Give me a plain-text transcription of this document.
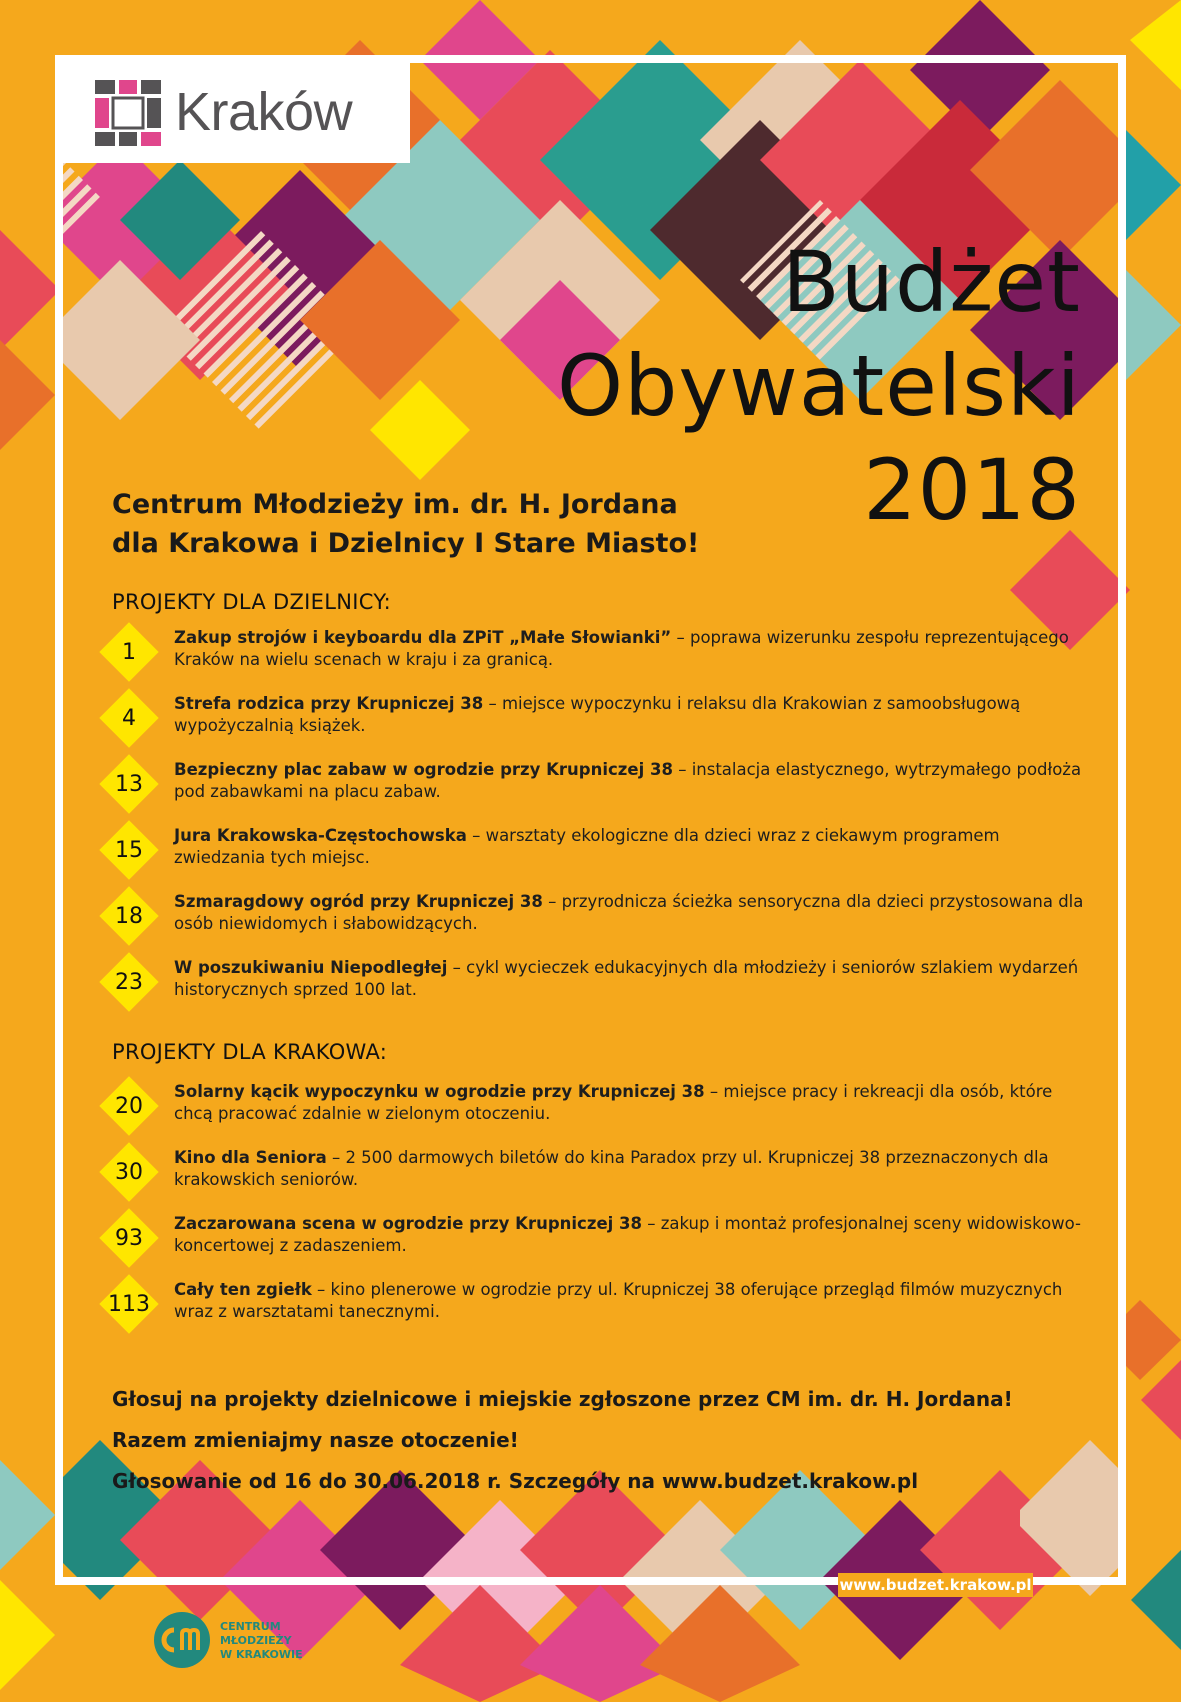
Kraków
Budżet
Obywatelski
2018
Centrum Młodzieży im. dr. H. Jordana
dla Krakowa i Dzielnicy I Stare Miasto!
PROJEKTY DLA DZIELNICY:
1
Zakup strojów i keyboardu dla ZPiT „Małe Słowianki” – poprawa wizerunku zespołu reprezentującego Kraków na wielu scenach w kraju i za granicą.
4
Strefa rodzica przy Krupniczej 38 – miejsce wypoczynku i relaksu dla Krakowian z samoobsługową wypożyczalnią książek.
13
Bezpieczny plac zabaw w ogrodzie przy Krupniczej 38 – instalacja elastycznego, wytrzymałego podłoża pod zabawkami na placu zabaw.
15
Jura Krakowska-Częstochowska – warsztaty ekologiczne dla dzieci wraz z ciekawym programem zwiedzania tych miejsc.
18
Szmaragdowy ogród przy Krupniczej 38 – przyrodnicza ścieżka sensoryczna dla dzieci przystosowana dla osób niewidomych i słabowidzących.
23
W poszukiwaniu Niepodległej – cykl wycieczek edukacyjnych dla młodzieży i seniorów szlakiem wydarzeń historycznych sprzed 100 lat.
PROJEKTY DLA KRAKOWA:
20
Solarny kącik wypoczynku w ogrodzie przy Krupniczej 38 – miejsce pracy i rekreacji dla osób, które chcą pracować zdalnie w zielonym otoczeniu.
30
Kino dla Seniora – 2 500 darmowych biletów do kina Paradox przy ul. Krupniczej 38 przeznaczonych dla krakowskich seniorów.
93
Zaczarowana scena w ogrodzie przy Krupniczej 38 – zakup i montaż profesjonalnej sceny widowiskowo-koncertowej z zadaszeniem.
113
Cały ten zgiełk – kino plenerowe w ogrodzie przy ul. Krupniczej 38 oferujące przegląd filmów muzycznych wraz z warsztatami tanecznymi.
Głosuj na projekty dzielnicowe i miejskie zgłoszone przez CM im. dr. H. Jordana!
Razem zmieniajmy nasze otoczenie!
Głosowanie od 16 do 30.06.2018 r. Szczegóły na www.budzet.krakow.pl
www.budzet.krakow.pl
CENTRUM
MŁODZIEŻY
W KRAKOWIE
